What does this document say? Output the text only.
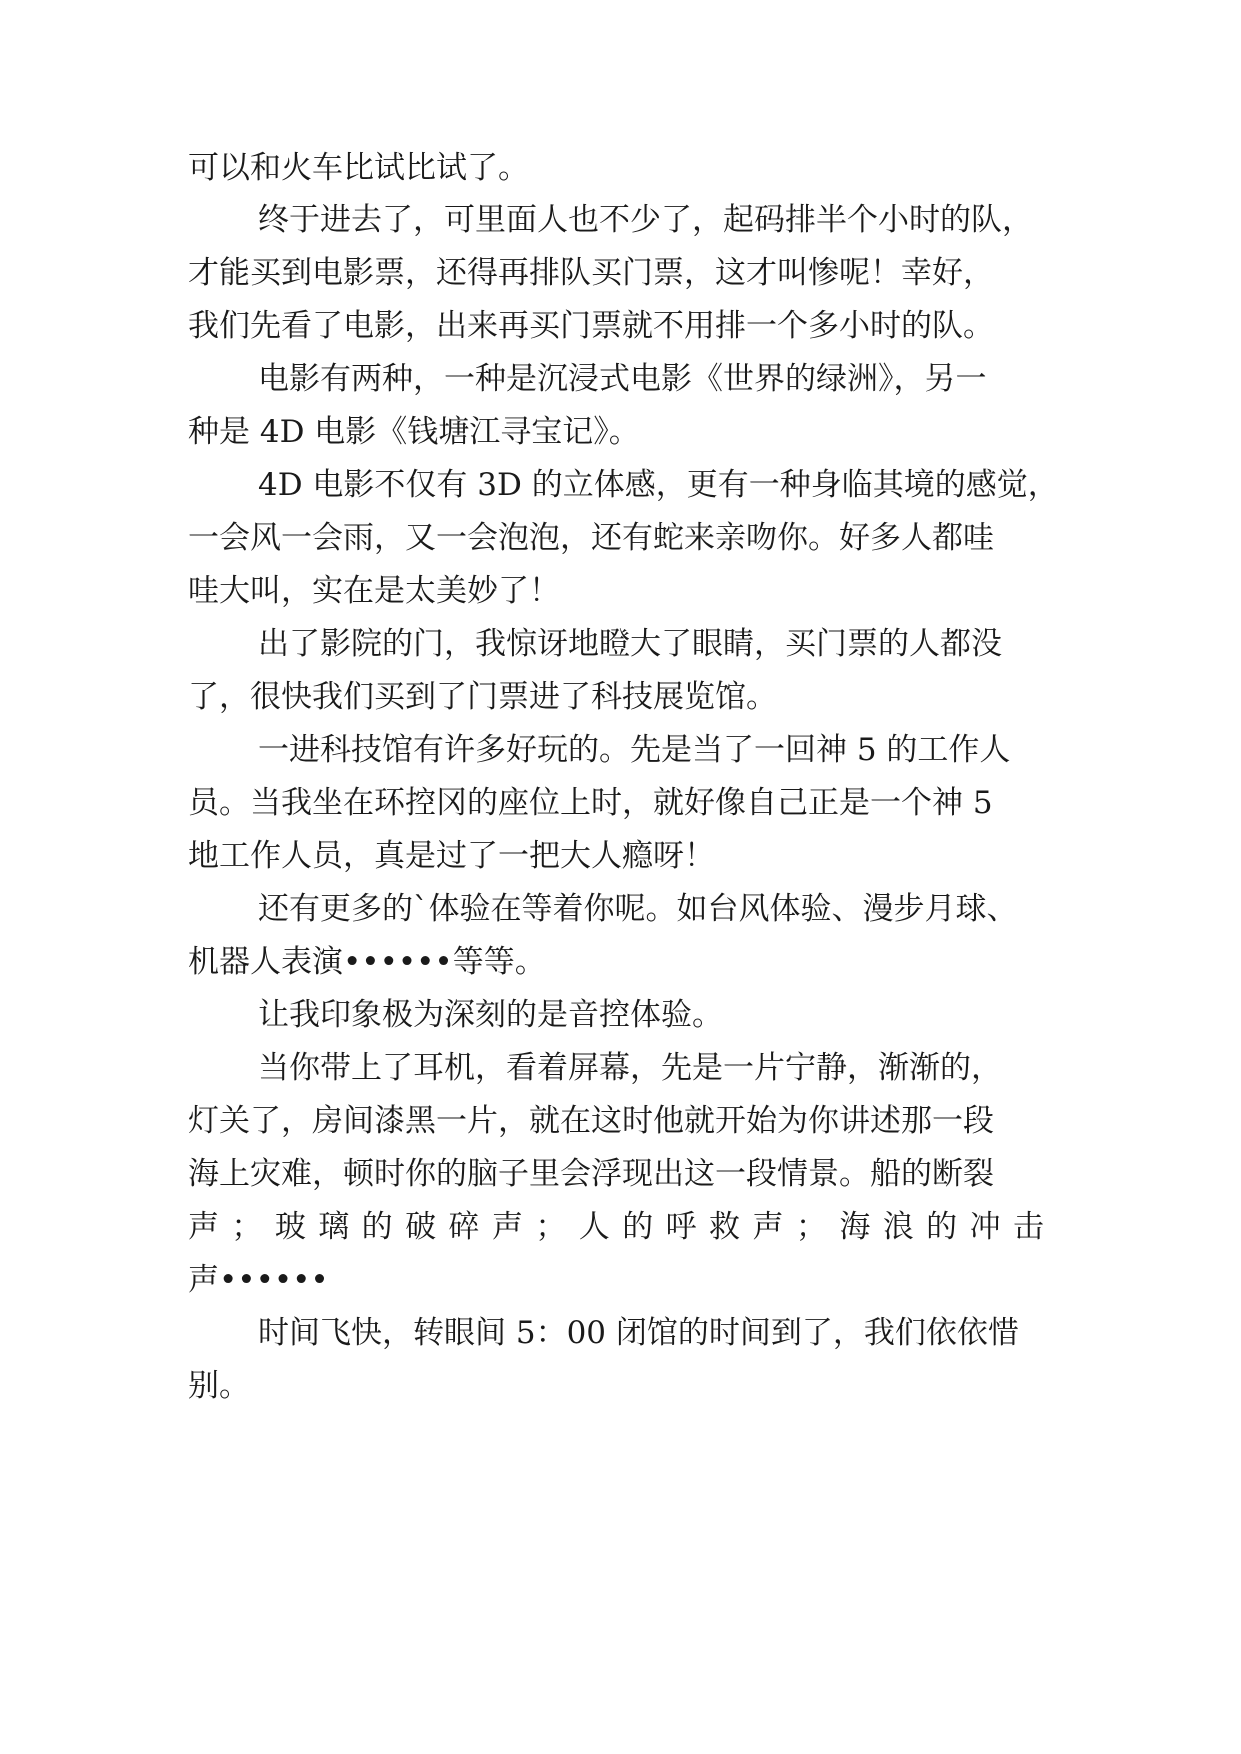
可以和火车比试比试了。
终于进去了，可里面人也不少了，起码排半个小时的队，
才能买到电影票，还得再排队买门票，这才叫惨呢！幸好，
我们先看了电影，出来再买门票就不用排一个多小时的队。
电影有两种，一种是沉浸式电影《世界的绿洲》，另一
种是 4D 电影《钱塘江寻宝记》。
4D 电影不仅有 3D 的立体感，更有一种身临其境的感觉，
一会风一会雨，又一会泡泡，还有蛇来亲吻你。好多人都哇
哇大叫，实在是太美妙了！
出了影院的门，我惊讶地瞪大了眼睛，买门票的人都没
了，很快我们买到了门票进了科技展览馆。
一进科技馆有许多好玩的。先是当了一回神 5 的工作人
员。当我坐在环控冈的座位上时，就好像自己正是一个神 5
地工作人员，真是过了一把大人瘾呀！
还有更多的`体验在等着你呢。如台风体验、漫步月球、
机器人表演••••••等等。
让我印象极为深刻的是音控体验。
当你带上了耳机，看着屏幕，先是一片宁静，渐渐的，
灯关了，房间漆黑一片，就在这时他就开始为你讲述那一段
海上灾难，顿时你的脑子里会浮现出这一段情景。船的断裂
声；玻璃的破碎声；人的呼救声；海浪的冲击
声••••••
时间飞快，转眼间 5：00 闭馆的时间到了，我们依依惜
别。
